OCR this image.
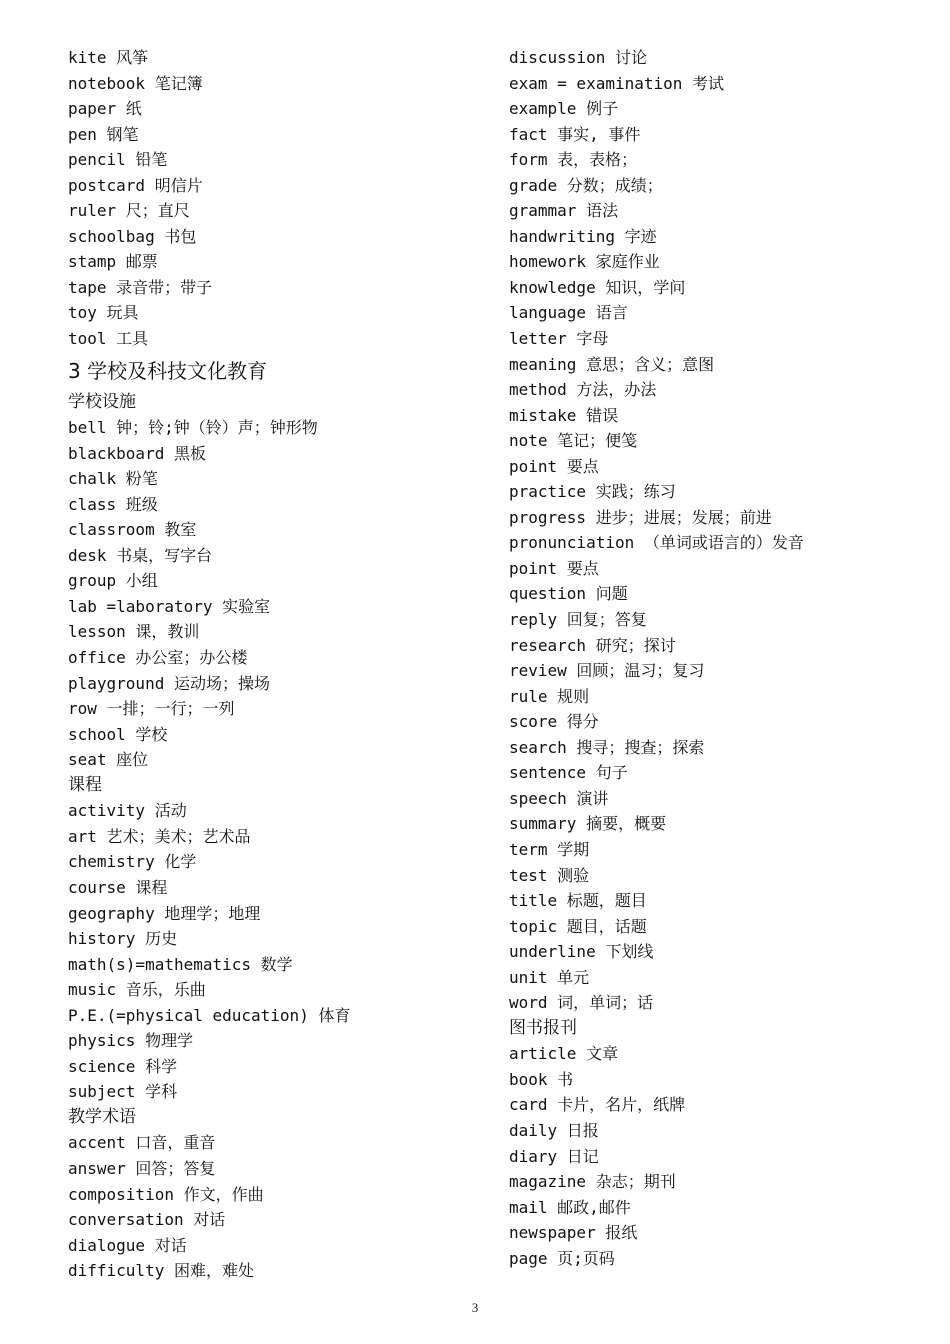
kite 风筝
notebook 笔记簿
paper 纸
pen 钢笔
pencil 铅笔
postcard 明信片
ruler 尺；直尺
schoolbag 书包
stamp 邮票
tape 录音带；带子
toy 玩具
tool 工具
3 学校及科技文化教育
学校设施
bell 钟；铃;钟（铃）声；钟形物
blackboard 黑板
chalk 粉笔
class 班级
classroom 教室
desk 书桌，写字台
group 小组
lab =laboratory 实验室
lesson 课，教训
office 办公室；办公楼
playground 运动场；操场
row 一排；一行；一列
school 学校
seat 座位
课程
activity 活动
art 艺术；美术；艺术品
chemistry 化学
course 课程
geography 地理学；地理
history 历史
math(s)=mathematics 数学
music 音乐，乐曲
P.E.(=physical education) 体育
physics 物理学
science 科学
subject 学科
教学术语
accent 口音，重音
answer 回答；答复
composition 作文，作曲
conversation 对话
dialogue 对话
difficulty 困难，难处
discussion 讨论
exam = examination 考试
example 例子
fact 事实, 事件
form 表，表格；
grade 分数；成绩；
grammar 语法
handwriting 字迹
homework 家庭作业
knowledge 知识，学问
language 语言
letter 字母
meaning 意思；含义；意图
method 方法，办法
mistake 错误
note 笔记；便笺
point 要点
practice 实践；练习
progress 进步；进展；发展；前进
pronunciation （单词或语言的）发音
point 要点
question 问题
reply 回复；答复
research 研究；探讨
review 回顾；温习；复习
rule 规则
score 得分
search 搜寻；搜查；探索
sentence 句子
speech 演讲
summary 摘要，概要
term 学期
test 测验
title 标题，题目
topic 题目，话题
underline 下划线
unit 单元
word 词，单词；话
图书报刊
article 文章
book 书
card 卡片，名片，纸牌
daily 日报
diary 日记
magazine 杂志；期刊
mail 邮政,邮件
newspaper 报纸
page 页;页码
3
